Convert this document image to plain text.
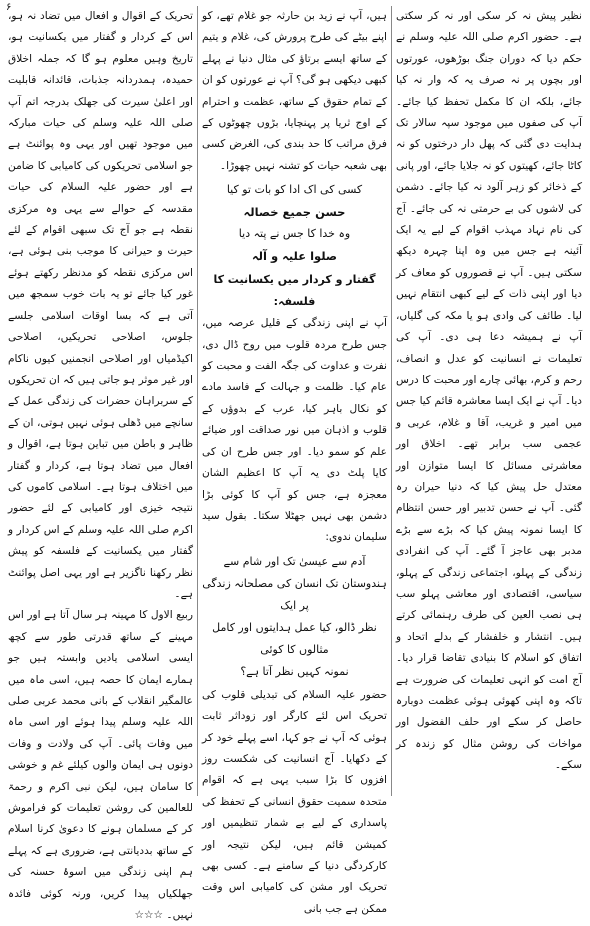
۶

نظیر پیش نہ کر سکی اور نہ کر سکتی ہے۔ حضور اکرم صلی اللہ علیہ وسلم نے حکم دیا کہ دوران جنگ بوڑھوں، عورتوں اور بچوں پر نہ صرف یہ کہ وار نہ کیا جائے، بلکہ ان کا مکمل تحفظ کیا جائے۔ آپ کی صفوں میں موجود سپہ سالار تک ہدایت دی گئی کہ پھل دار درختوں کو نہ کاٹا جائے، کھیتوں کو نہ جلایا جائے، اور پانی کے ذخائر کو زہر آلود نہ کیا جائے۔ دشمن کی لاشوں کی بے حرمتی نہ کی جائے۔ آج کی نام نہاد مہذب اقوام کے لیے یہ ایک آئینہ ہے جس میں وہ اپنا چہرہ دیکھ سکتی ہیں۔ آپ نے قصوروں کو معاف کر دیا اور اپنی ذات کے لیے کبھی انتقام نہیں لیا۔ طائف کی وادی ہو یا مکہ کی گلیاں، آپ نے ہمیشہ دعا ہی دی۔ آپ کی تعلیمات نے انسانیت کو عدل و انصاف، رحم و کرم، بھائی چارے اور محبت کا درس دیا۔ آپ نے ایک ایسا معاشرہ قائم کیا جس میں امیر و غریب، آقا و غلام، عربی و عجمی سب برابر تھے۔ اخلاق اور معاشرتی مسائل کا ایسا متوازن اور معتدل حل پیش کیا کہ دنیا حیران رہ گئی۔ آپ نے حسن تدبیر اور حسن انتظام کا ایسا نمونہ پیش کیا کہ بڑے سے بڑے مدبر بھی عاجز آ گئے۔ آپ کی انفرادی زندگی کے پہلو، اجتماعی زندگی کے پہلو، سیاسی، اقتصادی اور معاشی پہلو سب ہی نصب العین کی طرف رہنمائی کرتے ہیں۔ انتشار و خلفشار کے بدلے اتحاد و اتفاق کو اسلام کا بنیادی تقاضا قرار دیا۔ آج امت کو انہی تعلیمات کی ضرورت ہے تاکہ وہ اپنی کھوئی ہوئی عظمت دوبارہ حاصل کر سکے اور حلف الفضول اور مواخات کی روشن مثال کو زندہ کر سکے۔

ہیں، آپ نے زید بن حارثہ جو غلام تھے، کو اپنے بیٹے کی طرح پرورش کی، غلام و یتیم کے ساتھ ایسے برتاؤ کی مثال دنیا نے پہلے کبھی دیکھی ہو گی؟ آپ نے عورتوں کو ان کے تمام حقوق کے ساتھ، عظمت و احترام کے اوج ثریا پر پہنچایا، بڑوں چھوٹوں کے فرق مراتب کا حد بندی کی، الغرض کسی بھی شعبہ حیات کو تشنہ نہیں چھوڑا۔

کسی کی اک ادا کو بات تو کیا
حسن جمیع خصالہ
وہ خدا کا جس نے پتہ دیا
صلوا علیہ و آلہ
گفتار و کردار میں یکسانیت کا فلسفہ:

آپ نے اپنی زندگی کے قلیل عرصہ میں، جس طرح مردہ قلوب میں روح ڈال دی، نفرت و عداوت کی جگہ الفت و محبت کو عام کیا۔ ظلمت و جہالت کے فاسد مادے کو نکال باہر کیا، عرب کے بدوؤں کے قلوب و اذہان میں نور صداقت اور ضیائے علم کو سمو دیا۔ اور جس طرح ان کی کایا پلٹ دی یہ آپ کا اعظیم الشان معجزہ ہے، جس کو آپ کا کوئی بڑا دشمن بھی نہیں جھٹلا سکتا۔ بقول سید سلیمان ندوی:

آدم سے عیسیٰ تک اور شام سے
ہندوستان تک انسان کی مصلحانہ زندگی پر ایک
نظر ڈالو، کیا عمل ہدایتوں اور کامل مثالوں کا کوئی
نمونہ کہیں نظر آتا ہے؟

حضور علیہ السلام کی تبدیلی قلوب کی تحریک اس لئے کارگر اور زوداثر ثابت ہوئی کہ آپ نے جو کہا، اسے پہلے خود کر کے دکھایا۔ آج انسانیت کی شکست روز افزوں کا بڑا سبب یہی ہے کہ اقوام متحدہ سمیت حقوق انسانی کے تحفظ کی پاسداری کے لیے بے شمار تنظیمیں اور کمیشن قائم ہیں، لیکن نتیجہ اور کارکردگی دنیا کے سامنے ہے۔ کسی بھی تحریک اور مشن کی کامیابی اس وقت ممکن ہے جب بانی

تحریک کے اقوال و افعال میں تضاد نہ ہو، اس کے کردار و گفتار میں یکسانیت ہو، تاریخ وہیں معلوم ہو گا کہ جملہ اخلاق حمیدہ، ہمدردانہ جذبات، قائدانہ قابلیت اور اعلیٰ سیرت کی جھلک بدرجہ اتم آپ صلی اللہ علیہ وسلم کی حیات مبارکہ میں موجود تھیں اور یہی وہ پوائنٹ ہے جو اسلامی تحریکوں کی کامیابی کا ضامن ہے اور حضور علیہ السلام کی حیات مقدسہ کے حوالے سے یہی وہ مرکزی نقطہ ہے جو آج تک سبھی اقوام کے لئے حیرت و حیرانی کا موجب بنی ہوئی ہے، اس مرکزی نقطہ کو مدنظر رکھتے ہوئے غور کیا جائے تو یہ بات خوب سمجھ میں آتی ہے کہ بسا اوقات اسلامی جلسے جلوس، اصلاحی تحریکیں، اصلاحی اکیڈمیاں اور اصلاحی انجمنیں کیوں ناکام اور غیر موثر ہو جاتی ہیں کہ ان تحریکوں کے سربراہان حضرات کی زندگی عمل کے سانچے میں ڈھلی ہوئی نہیں ہوتی، ان کے ظاہر و باطن میں تباین ہوتا ہے، اقوال و افعال میں تضاد ہوتا ہے، کردار و گفتار میں اختلاف ہوتا ہے۔ اسلامی کاموں کی نتیجہ خیزی اور کامیابی کے لئے حضور اکرم صلی اللہ علیہ وسلم کے اس کردار و گفتار میں یکسانیت کے فلسفہ کو پیش نظر رکھنا ناگزیر ہے اور یہی اصل پوائنٹ ہے۔

ربیع الاول کا مہینہ ہر سال آتا ہے اور اس مہینے کے ساتھ قدرتی طور سے کچھ ایسی اسلامی یادیں وابستہ ہیں جو ہمارے ایمان کا حصہ ہیں، اسی ماہ میں عالمگیر انقلاب کے بانی محمد عربی صلی اللہ علیہ وسلم پیدا ہوئے اور اسی ماہ میں وفات پائی۔ آپ کی ولادت و وفات دونوں ہی ایمان والوں کیلئے غم و خوشی کا سامان ہیں، لیکن نبی اکرم و رحمۃ للعالمین کی روشن تعلیمات کو فراموش کر کے مسلمان ہونے کا دعویٰ کرنا اسلام کے ساتھ بددیانتی ہے، ضروری ہے کہ پہلے ہم اپنی زندگی میں اسوۂ حسنہ کی جھلکیاں پیدا کریں، ورنہ کوئی فائدہ نہیں۔ ☆☆☆
